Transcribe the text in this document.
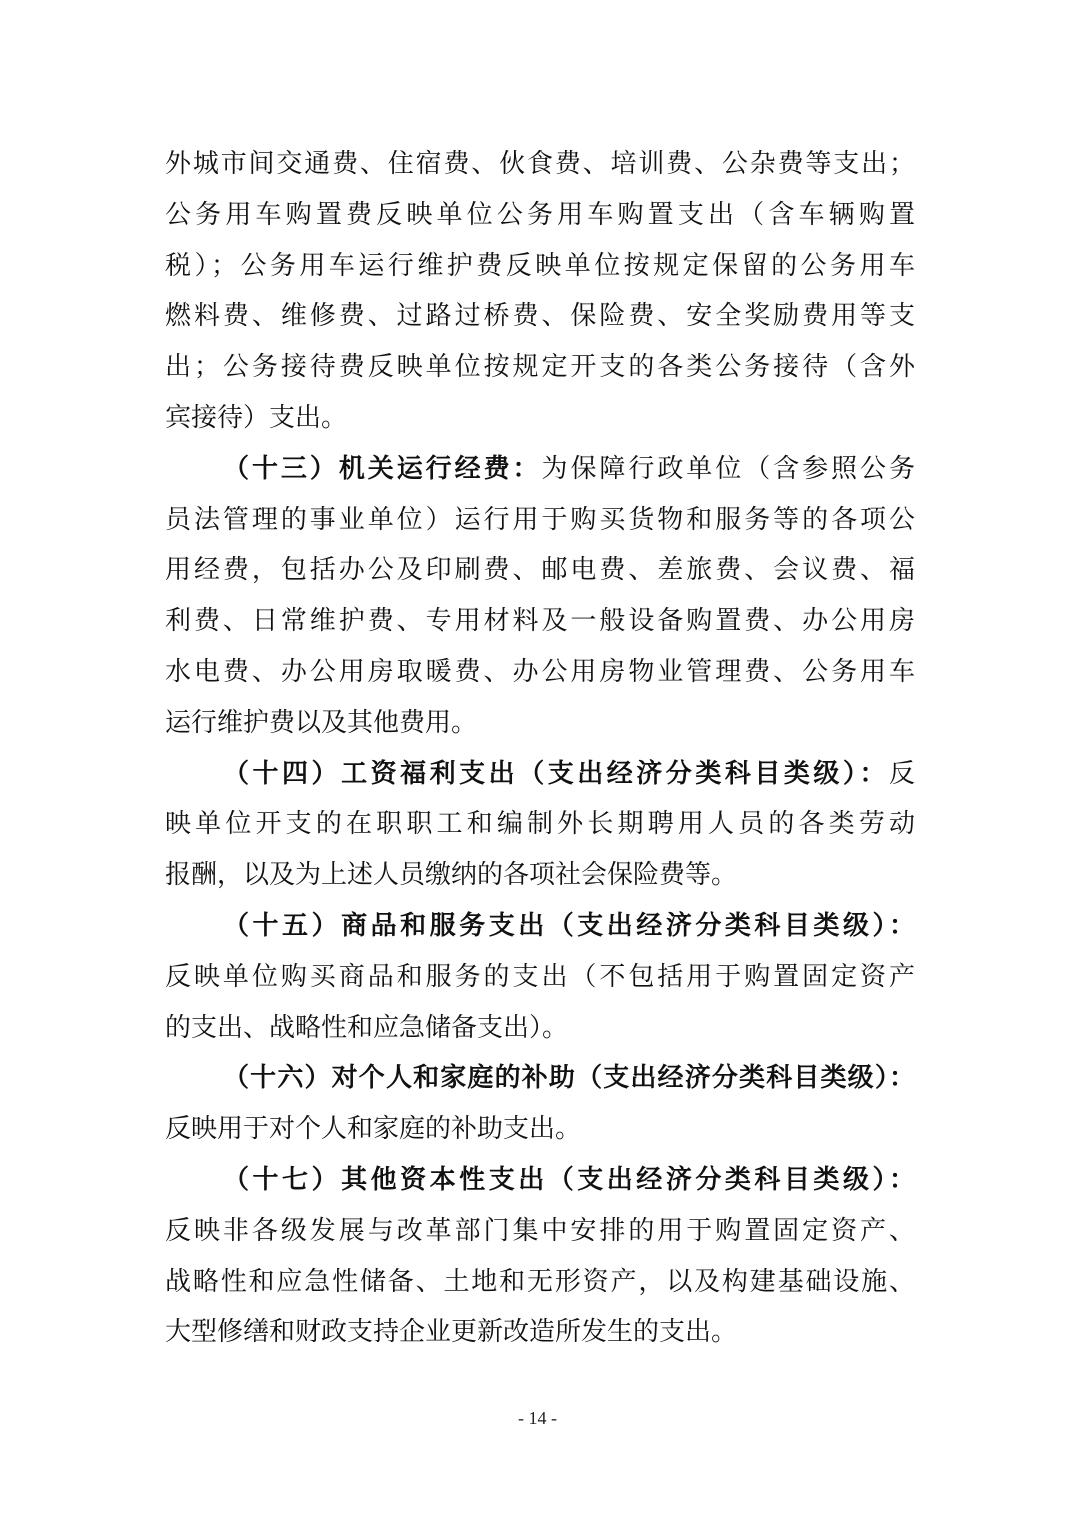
外城市间交通费、住宿费、伙食费、培训费、公杂费等支出；
公务用车购置费反映单位公务用车购置支出（含车辆购置
税）；公务用车运行维护费反映单位按规定保留的公务用车
燃料费、维修费、过路过桥费、保险费、安全奖励费用等支
出；公务接待费反映单位按规定开支的各类公务接待（含外
宾接待）支出。
（十三）机关运行经费：为保障行政单位（含参照公务
员法管理的事业单位）运行用于购买货物和服务等的各项公
用经费，包括办公及印刷费、邮电费、差旅费、会议费、福
利费、日常维护费、专用材料及一般设备购置费、办公用房
水电费、办公用房取暖费、办公用房物业管理费、公务用车
运行维护费以及其他费用。
（十四）工资福利支出（支出经济分类科目类级）：反
映单位开支的在职职工和编制外长期聘用人员的各类劳动
报酬，以及为上述人员缴纳的各项社会保险费等。
（十五）商品和服务支出（支出经济分类科目类级）：
反映单位购买商品和服务的支出（不包括用于购置固定资产
的支出、战略性和应急储备支出）。
（十六）对个人和家庭的补助（支出经济分类科目类级）：
反映用于对个人和家庭的补助支出。
（十七）其他资本性支出（支出经济分类科目类级）：
反映非各级发展与改革部门集中安排的用于购置固定资产、
战略性和应急性储备、土地和无形资产，以及构建基础设施、
大型修缮和财政支持企业更新改造所发生的支出。
- 14 -
